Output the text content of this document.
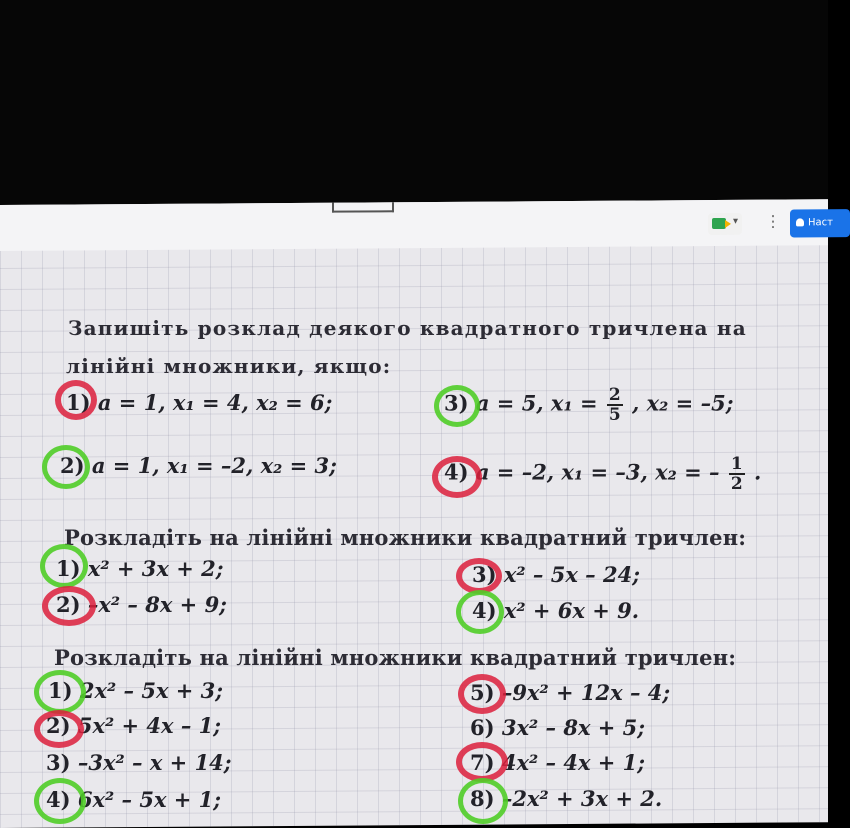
▾ ⋮	Наст
Запишіть розклад деякого квадратного тричлена на
лінійні множники, якщо:
1) a = 1, x₁ = 4, x₂ = 6;
2) a = 1, x₁ = –2, x₂ = 3;
3) a = 5, $x_1 = \frac{2}{5}$ , x₂ = –5;
4) a = –2, x₁ = –3, x₂ = – $\frac{1}{2}$ .
Розкладіть на лінійні множники квадратний тричлен:
1) x² + 3x + 2;
2) –x² – 8x + 9;
3) x² – 5x – 24;
4) x² + 6x + 9.
Розкладіть на лінійні множники квадратний тричлен:
1) 2x² – 5x + 3;
2) 5x² + 4x – 1;
3) –3x² – x + 14;
4) 6x² – 5x + 1;
5) –9x² + 12x – 4;
6) 3x² – 8x + 5;
7) 4x² – 4x + 1;
8) –2x² + 3x + 2.
